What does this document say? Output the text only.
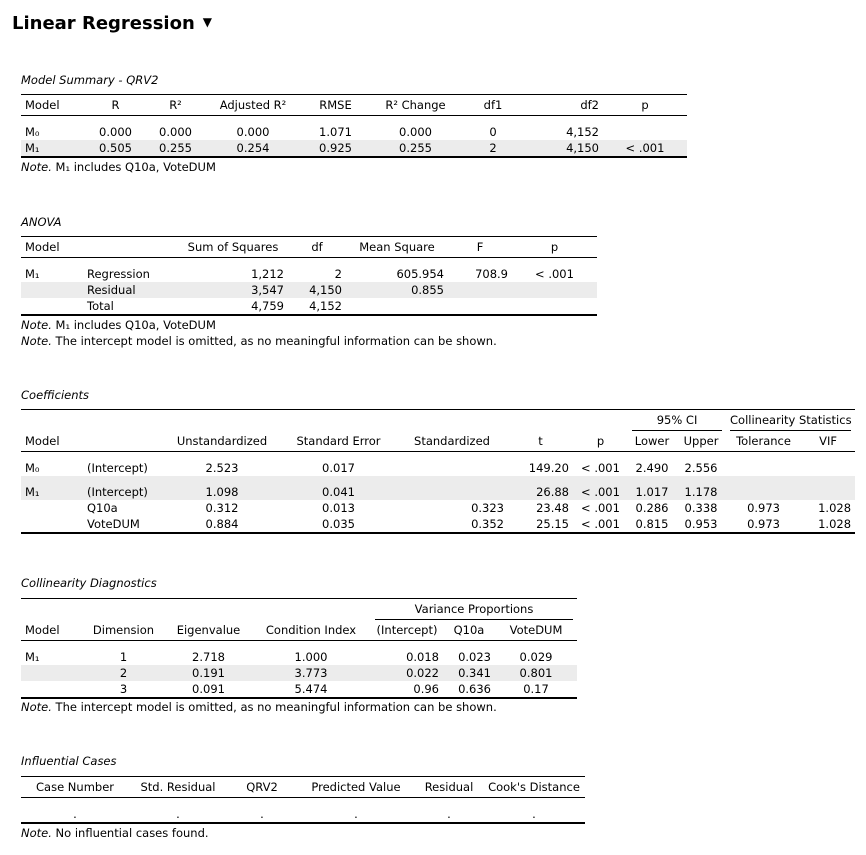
Linear Regression ▼
Model Summary - QRV2
Model	R	R²	Adjusted R²	RMSE	R² Change	df1	df2	p

M₀	0.000	0.000	0.000	1.071	0.000	0	4,152	
M₁	0.505	0.255	0.254	0.925	0.255	2	4,150	< .001
Note. M₁ includes Q10a, VoteDUM
ANOVA
Model		Sum of Squares	df	Mean Square	F	p

M₁	Regression	1,212	2	605.954	708.9	< .001
	Residual	3,547	4,150	0.855		
	Total	4,759	4,152			
Note. M₁ includes Q10a, VoteDUM
Note. The intercept model is omitted, as no meaningful information can be shown.
Coefficients

							95% CI		Collinearity Statistics	

Model		Unstandardized	Standard Error	Standardized	t	p	Lower	Upper	Tolerance	VIF

M₀	(Intercept)	2.523	0.017		149.20	< .001	2.490	2.556		

M₁	(Intercept)	1.098	0.041		26.88	< .001	1.017	1.178		
	Q10a	0.312	0.013	0.323	23.48	< .001	0.286	0.338	0.973	1.028
	VoteDUM	0.884	0.035	0.352	25.15	< .001	0.815	0.953	0.973	1.028
Collinearity Diagnostics

				Variance Proportions		

Model	Dimension	Eigenvalue	Condition Index	(Intercept)	Q10a	VoteDUM

M₁	1	2.718	1.000	0.018	0.023	0.029
	2	0.191	3.773	0.022	0.341	0.801
	3	0.091	5.474	0.96	0.636	0.17
Note. The intercept model is omitted, as no meaningful information can be shown.
Influential Cases
Case Number	Std. Residual	QRV2	Predicted Value	Residual	Cook's Distance

.	.	.	.	.	.
Note. No influential cases found.
